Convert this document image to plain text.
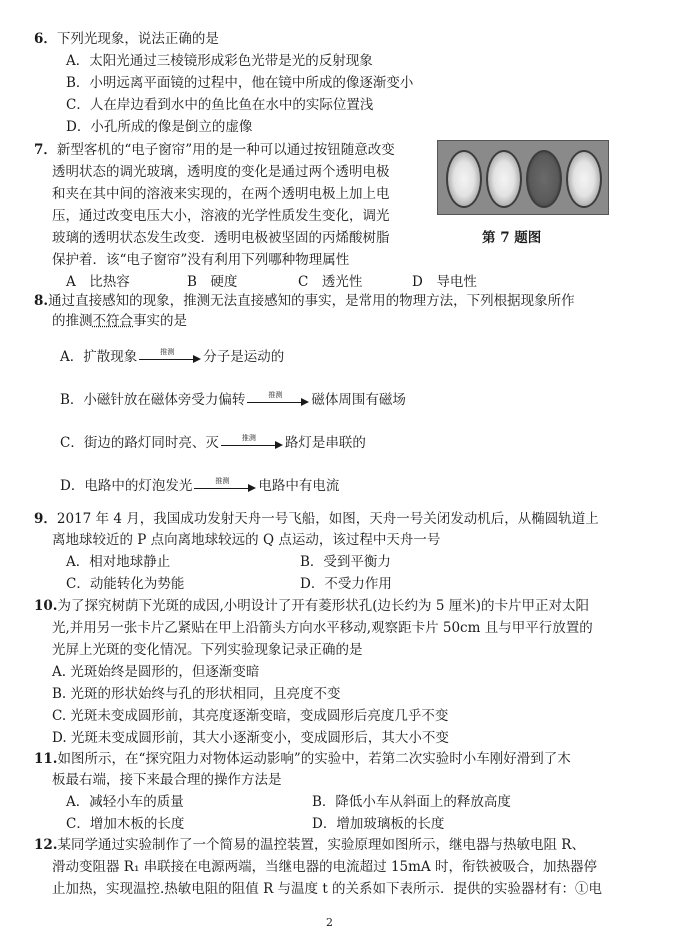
6．下列光现象，说法正确的是
A．太阳光通过三棱镜形成彩色光带是光的反射现象
B．小明远离平面镜的过程中，他在镜中所成的像逐渐变小
C．人在岸边看到水中的鱼比鱼在水中的实际位置浅
D．小孔所成的像是倒立的虚像
7．新型客机的“电子窗帘”用的是一种可以通过按钮随意改变
透明状态的调光玻璃，透明度的变化是通过两个透明电极
和夹在其中间的溶液来实现的，在两个透明电极上加上电
压，通过改变电压大小，溶液的光学性质发生变化，调光
玻璃的透明状态发生改变．透明电极被坚固的丙烯酸树脂
保护着．该“电子窗帘”没有利用下列哪种物理属性
A　比热容	B　硬度	C　透光性	D　导电性
第 7 题图
8.通过直接感知的现象，推测无法直接感知的事实，是常用的物理方法，下列根据现象所作
的推测不符合事实的是
A．扩散现象	推测	分子是运动的
B．小磁针放在磁体旁受力偏转	推测	磁体周围有磁场
C．街边的路灯同时亮、灭	推测	路灯是串联的
D．电路中的灯泡发光	推测	电路中有电流
9．2017 年 4 月，我国成功发射天舟一号飞船，如图，天舟一号关闭发动机后，从椭圆轨道上
离地球较近的 P 点向离地球较远的 Q 点运动，该过程中天舟一号
A．相对地球静止	B．受到平衡力
C．动能转化为势能	D．不受力作用
10.为了探究树荫下光斑的成因,小明设计了开有菱形状孔(边长约为 5 厘米)的卡片甲正对太阳
光,并用另一张卡片乙紧贴在甲上沿箭头方向水平移动,观察距卡片 50cm 且与甲平行放置的
光屏上光斑的变化情况。下列实验现象记录正确的是
A. 光斑始终是圆形的，但逐渐变暗
B. 光斑的形状始终与孔的形状相同，且亮度不变
C. 光斑未变成圆形前，其亮度逐渐变暗，变成圆形后亮度几乎不变
D. 光斑未变成圆形前，其大小逐渐变小，变成圆形后，其大小不变
11.如图所示，在“探究阻力对物体运动影响”的实验中，若第二次实验时小车刚好滑到了木
板最右端，接下来最合理的操作方法是
A．减轻小车的质量	B．降低小车从斜面上的释放高度
C．增加木板的长度	D．增加玻璃板的长度
12.某同学通过实验制作了一个简易的温控装置，实验原理如图所示，继电器与热敏电阻 R、
滑动变阻器 R₁ 串联接在电源两端，当继电器的电流超过 15mA 时，衔铁被吸合，加热器停
止加热，实现温控.热敏电阻的阻值 R 与温度 t 的关系如下表所示．提供的实验器材有：①电
2
